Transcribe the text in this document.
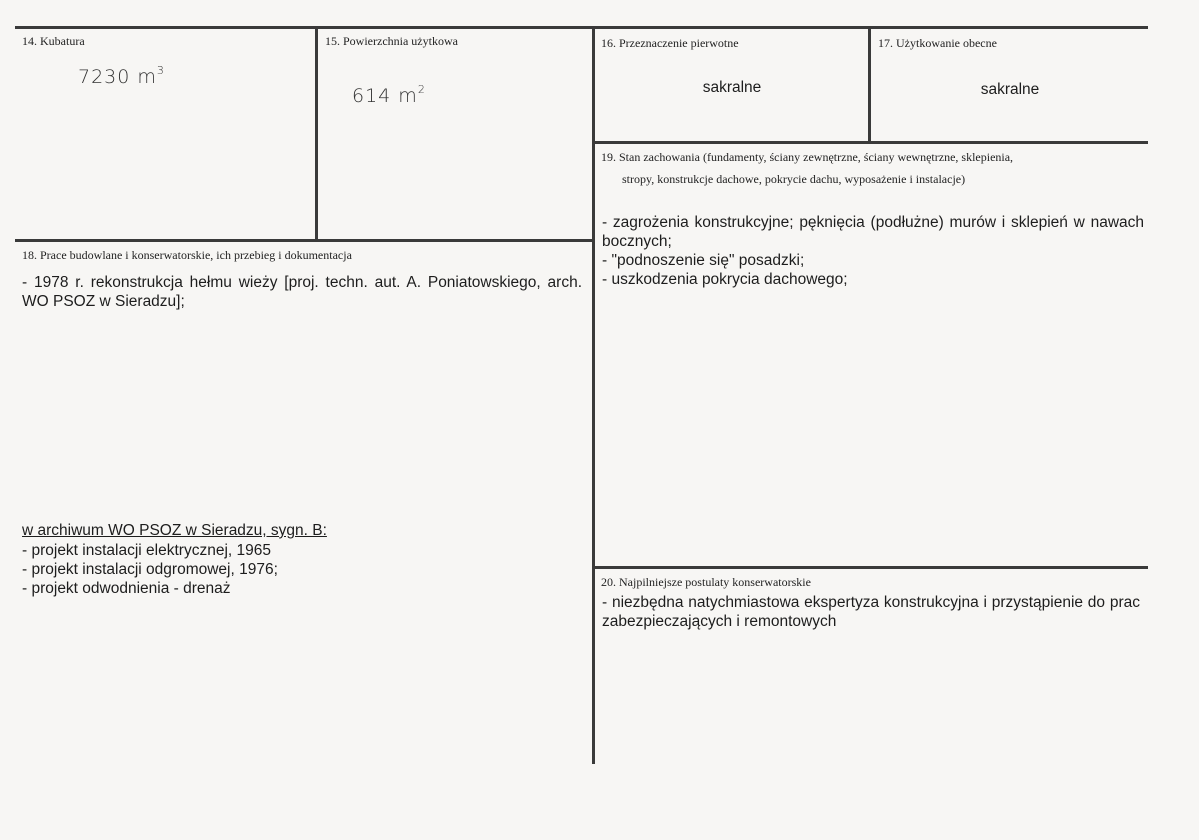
14. Kubatura
7230 $m^3$
15. Powierzchnia użytkowa
614 $m^2$
16. Przeznaczenie pierwotne
sakralne
17. Użytkowanie obecne
sakralne
19. Stan zachowania (fundamenty, ściany zewnętrzne, ściany wewnętrzne, sklepienia,
stropy, konstrukcje dachowe, pokrycie dachu, wyposażenie i instalacje)
- zagrożenia konstrukcyjne; pęknięcia (podłużne) murów i sklepień w nawach bocznych;
- "podnoszenie się" posadzki;
- uszkodzenia pokrycia dachowego;
18. Prace budowlane i konserwatorskie, ich przebieg i dokumentacja
- 1978 r. rekonstrukcja hełmu wieży [proj. techn. aut. A. Poniatowskiego, arch. WO PSOZ w Sieradzu];
w archiwum WO PSOZ w Sieradzu, sygn. B:
- projekt instalacji elektrycznej, 1965
- projekt instalacji odgromowej, 1976;
- projekt odwodnienia - drenaż	20. Najpilniejsze postulaty konserwatorskie
- niezbędna natychmiastowa ekspertyza konstrukcyjna i przystąpienie do prac zabezpieczających i remontowych
